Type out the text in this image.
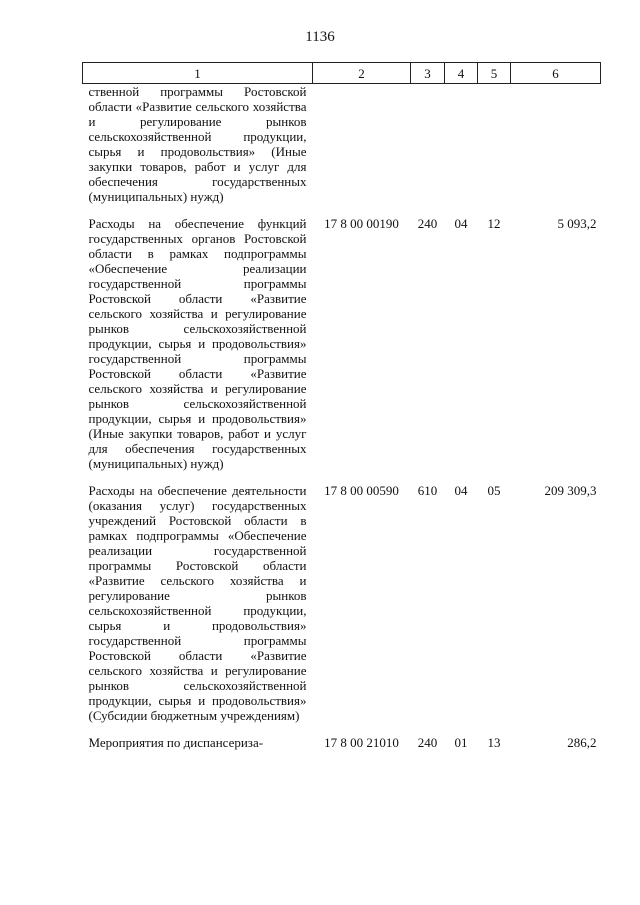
1136
1	2	3	4	5	6
ственной программы Ростовской области «Развитие сельского хозяйства и регулирование рынков сельскохозяйственной продукции, сырья и продовольствия» (Иные закупки товаров, работ и услуг для обеспечения государственных (муниципальных) нужд)					
Расходы на обеспечение функций государственных органов Ростовской области в рамках подпрограммы «Обеспечение реализации государственной программы Ростовской области «Развитие сельского хозяйства и регулирование рынков сельскохозяйственной продукции, сырья и продовольствия» государственной программы Ростовской области «Развитие сельского хозяйства и регулирование рынков сельскохозяйственной продукции, сырья и продовольствия» (Иные закупки товаров, работ и услуг для обеспечения государственных (муниципальных) нужд)	17 8 00 00190	240	04	12	5 093,2
Расходы на обеспечение деятельности (оказания услуг) государственных учреждений Ростовской области в рамках подпрограммы «Обеспечение реализации государственной программы Ростовской области «Развитие сельского хозяйства и регулирование рынков сельскохозяйственной продукции, сырья и продовольствия» государственной программы Ростовской области «Развитие сельского хозяйства и регулирование рынков сельскохозяйственной продукции, сырья и продовольствия» (Субсидии бюджетным учреждениям)	17 8 00 00590	610	04	05	209 309,3
Мероприятия по диспансериза-	17 8 00 21010	240	01	13	286,2
